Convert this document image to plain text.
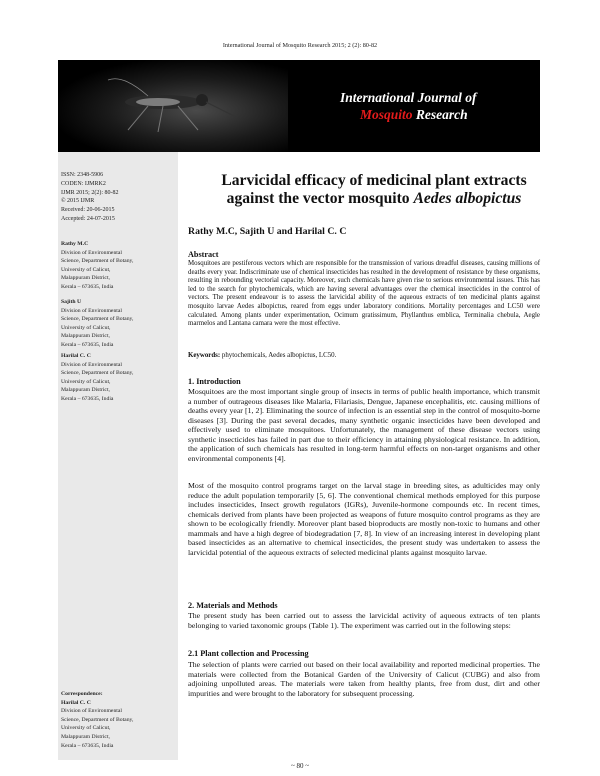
International Journal of Mosquito Research 2015; 2 (2): 80-82
International Journal of
Mosquito Research
ISSN: 2348-5906
CODEN: IJMRK2
IJMR 2015; 2(2): 80-82
© 2015 IJMR
Received: 20-06-2015
Accepted: 24-07-2015
Rathy M.C
Division of Environmental
Science, Department of Botany,
University of Calicut,
Malappuram District,
Kerala – 673635, India
Sajith U
Division of Environmental
Science, Department of Botany,
University of Calicut,
Malappuram District,
Kerala – 673635, India
Harilal C. C
Division of Environmental
Science, Department of Botany,
University of Calicut,
Malappuram District,
Kerala – 673635, India
Correspondence:
Harilal C. C
Division of Environmental
Science, Department of Botany,
University of Calicut,
Malappuram District,
Kerala – 673635, India
Larvicidal efficacy of medicinal plant extracts
against the vector mosquito Aedes albopictus
Rathy M.C, Sajith U and Harilal C. C
Abstract
Mosquitoes are pestiferous vectors which are responsible for the transmission of various dreadful diseases, causing millions of deaths every year. Indiscriminate use of chemical insecticides has resulted in the development of resistance by these organisms, resulting in rebounding vectorial capacity. Moreover, such chemicals have given rise to serious environmental issues. This has led to the search for phytochemicals, which are having several advantages over the chemical insecticides in the control of vectors. The present endeavour is to assess the larvicidal ability of the aqueous extracts of ten medicinal plants against mosquito larvae Aedes albopictus, reared from eggs under laboratory conditions. Mortality percentages and LC50 were calculated. Among plants under experimentation, Ocimum gratissimum, Phyllanthus emblica, Terminalia chebula, Aegle marmelos and Lantana camara were the most effective.
Keywords: phytochemicals, Aedes albopictus, LC50.
1. Introduction
Mosquitoes are the most important single group of insects in terms of public health importance, which transmit a number of outrageous diseases like Malaria, Filariasis, Dengue, Japanese encephalitis, etc. causing millions of deaths every year [1, 2]. Eliminating the source of infection is an essential step in the control of mosquito-borne diseases [3]. During the past several decades, many synthetic organic insecticides have been developed and effectively used to eliminate mosquitoes. Unfortunately, the management of these disease vectors using synthetic insecticides has failed in part due to their efficiency in attaining physiological resistance. In addition, the application of such chemicals has resulted in long-term harmful effects on non-target organisms and other environmental components [4].
Most of the mosquito control programs target on the larval stage in breeding sites, as adulticides may only reduce the adult population temporarily [5, 6]. The conventional chemical methods employed for this purpose includes insecticides, Insect growth regulators (IGRs), Juvenile-hormone compounds etc. In recent times, chemicals derived from plants have been projected as weapons of future mosquito control programs as they are shown to be ecologically friendly. Moreover plant based bioproducts are mostly non-toxic to humans and other mammals and have a high degree of biodegradation [7, 8]. In view of an increasing interest in developing plant based insecticides as an alternative to chemical insecticides, the present study was undertaken to assess the larvicidal potential of the aqueous extracts of selected medicinal plants against mosquito larvae.
2. Materials and Methods
The present study has been carried out to assess the larvicidal activity of aqueous extracts of ten plants belonging to varied taxonomic groups (Table 1). The experiment was carried out in the following steps:
2.1 Plant collection and Processing
The selection of plants were carried out based on their local availability and reported medicinal properties. The materials were collected from the Botanical Garden of the University of Calicut (CUBG) and also from adjoining unpolluted areas. The materials were taken from healthy plants, free from dust, dirt and other impurities and were brought to the laboratory for subsequent processing.
~ 80 ~
